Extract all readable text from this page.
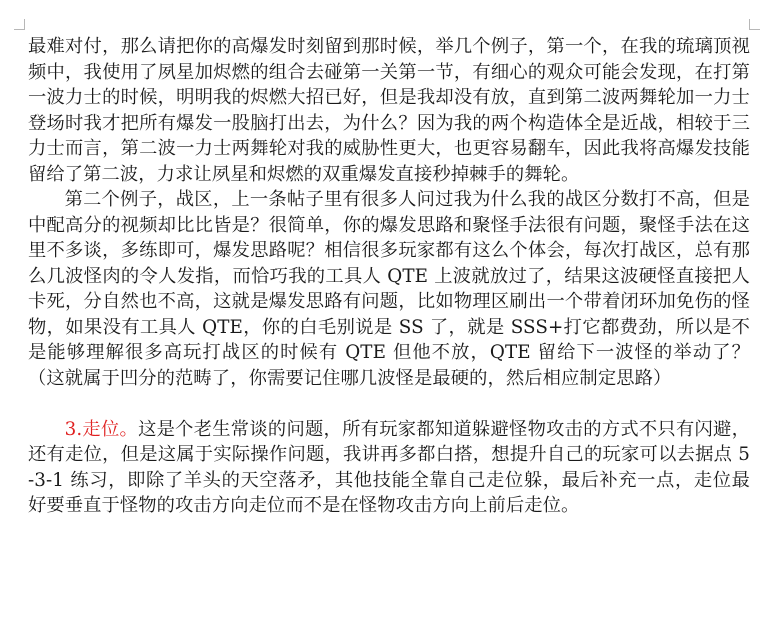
最难对付，那么请把你的高爆发时刻留到那时候，举几个例子，第一个，在我的琉璃顶视频中，我使用了夙星加烬燃的组合去碰第一关第一节，有细心的观众可能会发现，在打第一波力士的时候，明明我的烬燃大招已好，但是我却没有放，直到第二波两舞轮加一力士登场时我才把所有爆发一股脑打出去，为什么？因为我的两个构造体全是近战，相较于三力士而言，第二波一力士两舞轮对我的威胁性更大，也更容易翻车，因此我将高爆发技能留给了第二波，力求让夙星和烬燃的双重爆发直接秒掉棘手的舞轮。

第二个例子，战区，上一条帖子里有很多人问过我为什么我的战区分数打不高，但是中配高分的视频却比比皆是？很简单，你的爆发思路和聚怪手法很有问题，聚怪手法在这里不多谈，多练即可，爆发思路呢？相信很多玩家都有这么个体会，每次打战区，总有那么几波怪肉的令人发指，而恰巧我的工具人 QTE 上波就放过了，结果这波硬怪直接把人卡死，分自然也不高，这就是爆发思路有问题，比如物理区刷出一个带着闭环加免伤的怪物，如果没有工具人 QTE，你的白毛别说是 SS 了，就是 SSS+打它都费劲，所以是不是能够理解很多高玩打战区的时候有 QTE 但他不放，QTE 留给下一波怪的举动了？（这就属于凹分的范畴了，你需要记住哪几波怪是最硬的，然后相应制定思路）

3.走位。这是个老生常谈的问题，所有玩家都知道躲避怪物攻击的方式不只有闪避，还有走位，但是这属于实际操作问题，我讲再多都白搭，想提升自己的玩家可以去据点 5-3-1 练习，即除了羊头的天空落矛，其他技能全靠自己走位躲，最后补充一点，走位最好要垂直于怪物的攻击方向走位而不是在怪物攻击方向上前后走位。
